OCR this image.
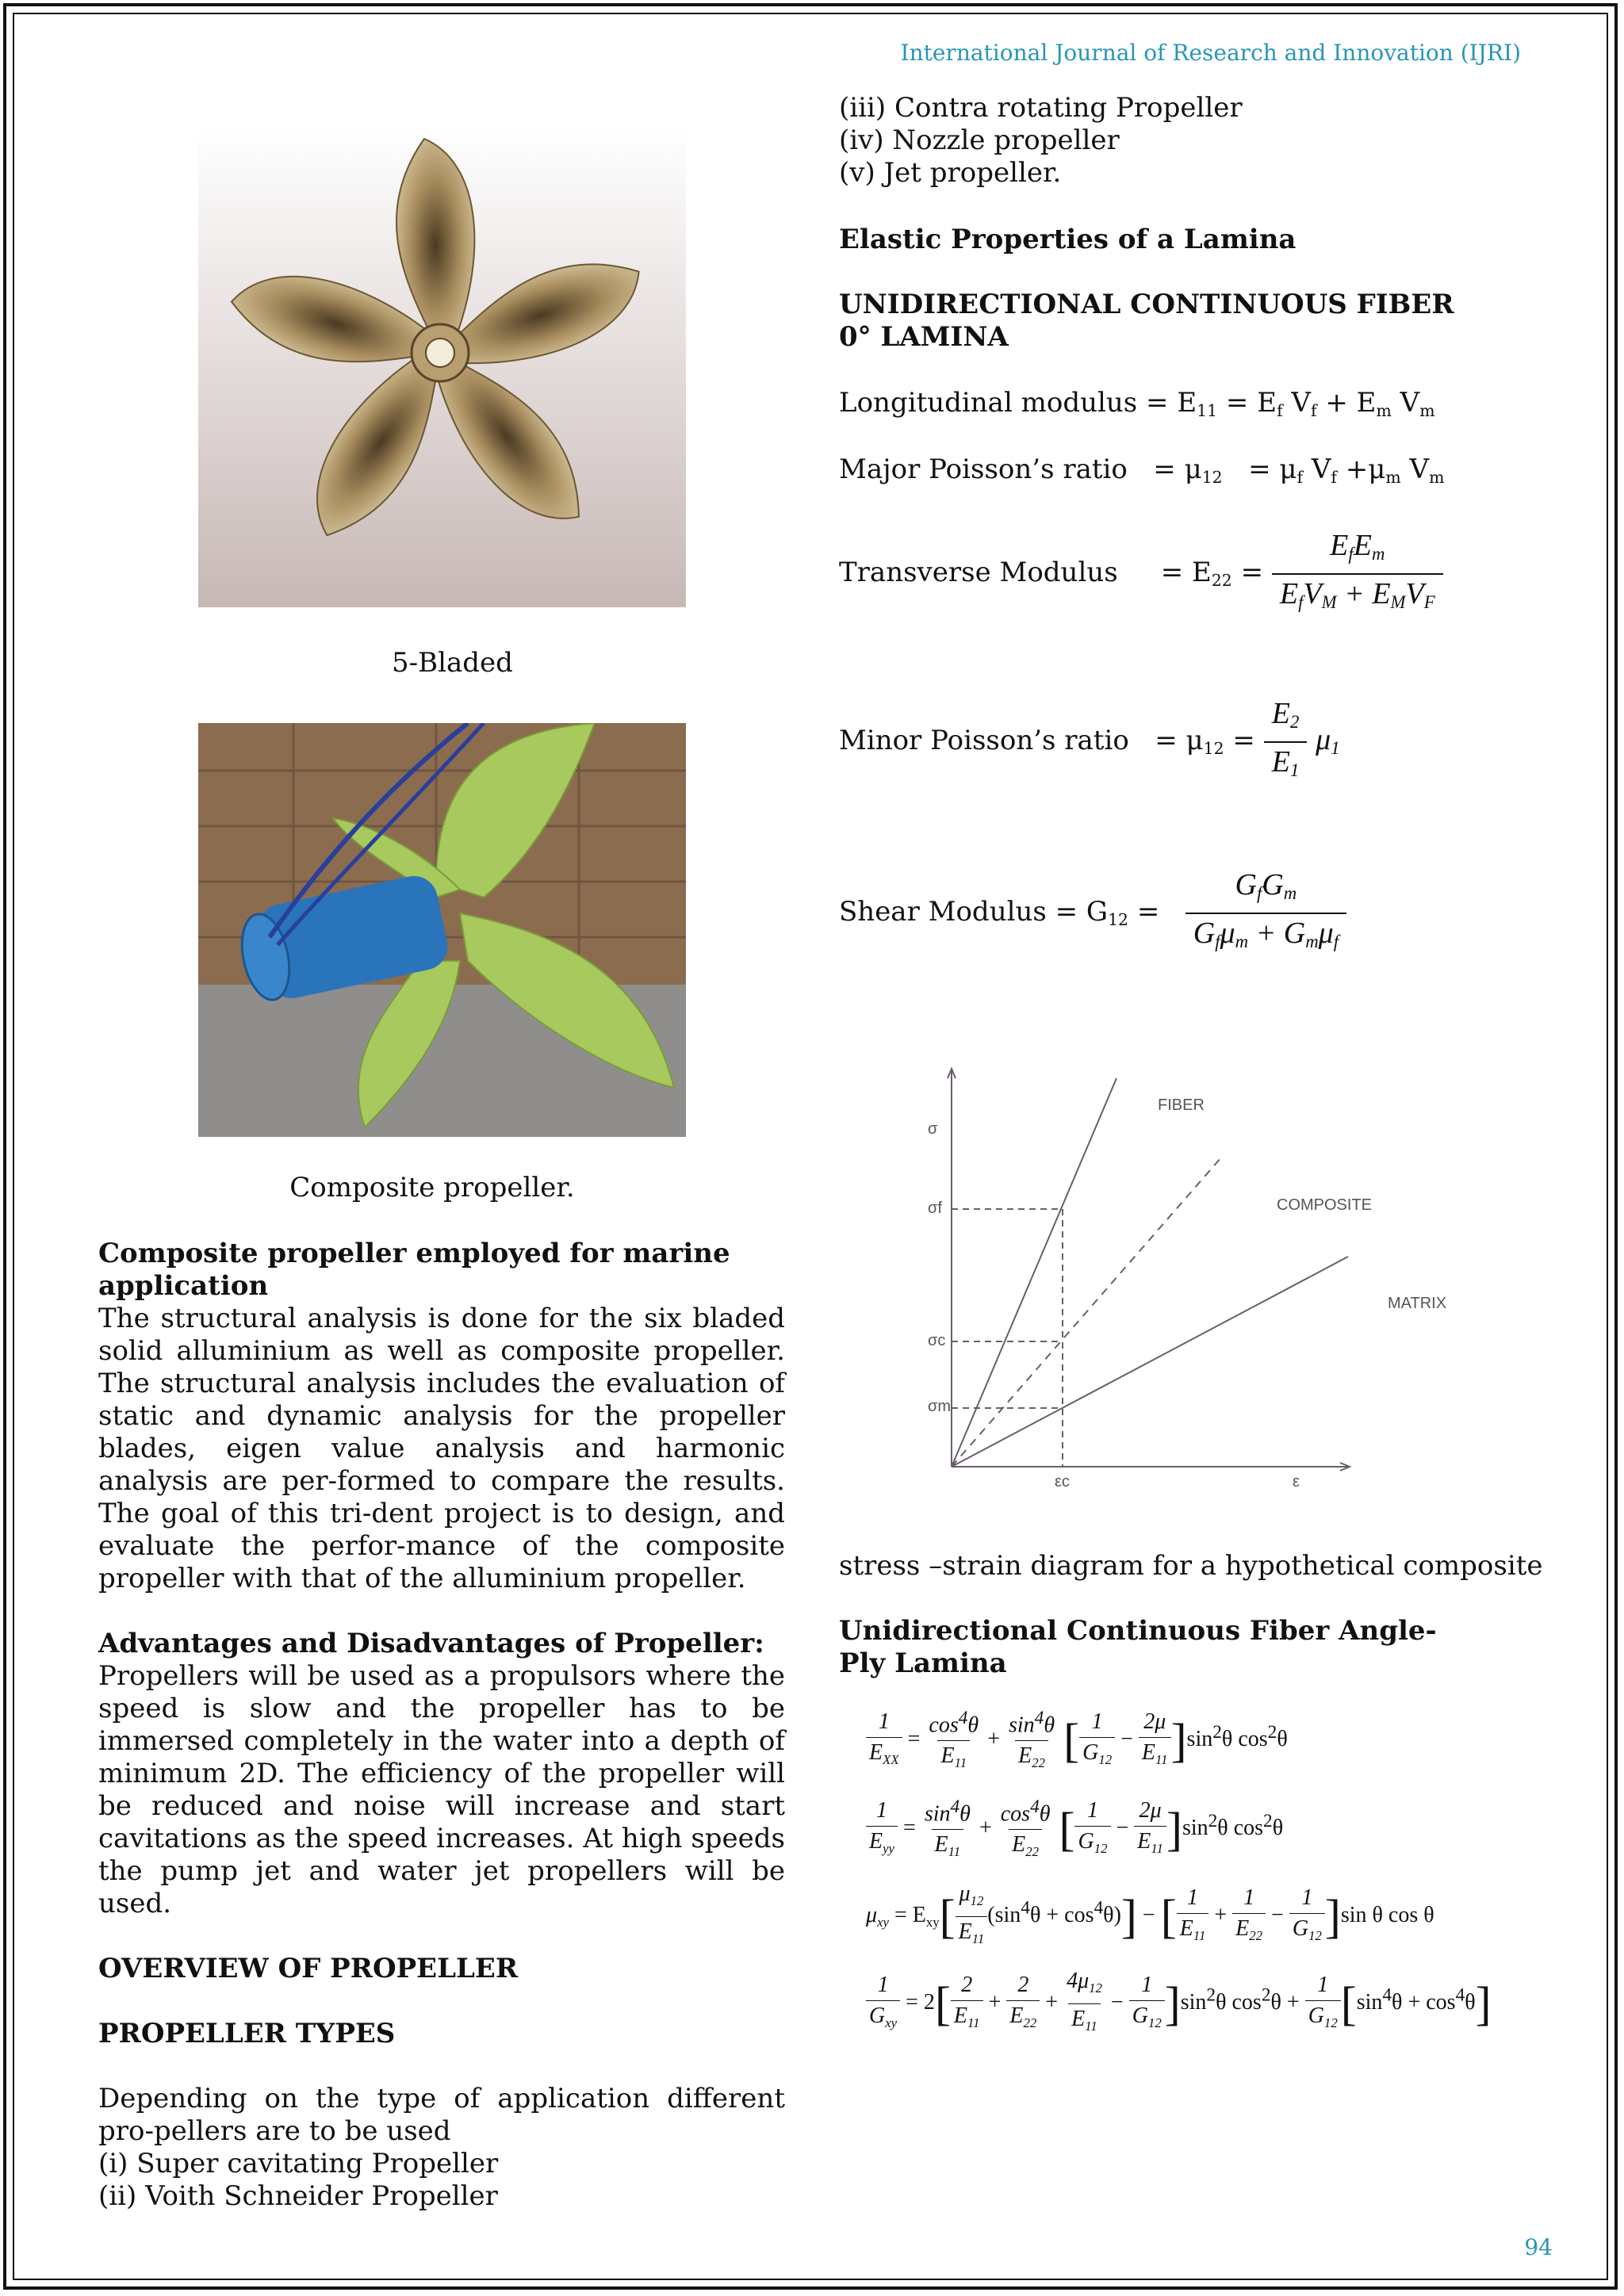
International Journal of Research and Innovation (IJRI)
5-Bladed
Composite propeller.
Composite propeller employed for marine application
The structural analysis is done for the six bladed solid alluminium as well as composite propeller. The structural analysis includes the evaluation of static and dynamic analysis for the propeller blades, eigen value analysis and harmonic analysis are per-formed to compare the results. The goal of this tri-dent project is to design, and evaluate the perfor-mance of the composite propeller with that of the alluminium propeller.
Advantages and Disadvantages of Propeller:
Propellers will be used as a propulsors where the speed is slow and the propeller has to be immersed completely in the water into a depth of minimum 2D. The efficiency of the propeller will be reduced and noise will increase and start cavitations as the speed increases. At high speeds the pump jet and water jet propellers will be used.
OVERVIEW OF PROPELLER
PROPELLER TYPES
Depending on the type of application different pro-pellers are to be used
(i) Super cavitating Propeller
(ii) Voith Schneider Propeller
(iii) Contra rotating Propeller
(iv) Nozzle propeller
(v) Jet propeller.
Elastic Properties of a Lamina
UNIDIRECTIONAL CONTINUOUS FIBER 0° LAMINA
Longitudinal modulus = $E_{11} = E_f$ $V_f + E_m$ $V_m$
Major Poisson’s ratio   = $\mu_{12} = \mu_f$ $V_f +\mu_m$ $V_m$
Transverse Modulus     = $E_{22} = \frac{E_fE_m}{E_fV_M + E_MV_F}$
Minor Poisson’s ratio   = $\mu_{12} = \frac{E_2}{E_1} \mu_1$
Shear Modulus = $G_{12} = \frac{G_fG_m}{G_f\mu_m + G_m\mu_f}$
σ
σf
σc
σm
εc	ε
FIBER
COMPOSITE
MATRIX
stress –strain diagram for a hypothetical composite
Unidirectional Continuous Fiber Angle-Ply Lamina
$\frac{1}{E_{XX}} = \frac{\cos^4\theta}{E_{11}} + \frac{\sin^4\theta}{E_{22}}$ [ $\frac{1}{G_{12}} - \frac{2\mu}{E_{11}} ]\sin^2\theta$ $\cos^2\theta$
$\frac{1}{E_{yy}} = \frac{\sin^4\theta}{E_{11}} + \frac{\cos^4\theta}{E_{22}}$ [ $\frac{1}{G_{12}} - \frac{2\mu}{E_{11}} ]\sin^2\theta$ $\cos^2\theta$
$\mu_{xy} = E_{xy}[ \frac{\mu_{12}}{E_{11}} (\sin^4\theta + \cos^4\theta)]$ − [ $\frac{1}{E_{11}} + \frac{1}{E_{22}} - \frac{1}{G_{12}} ]\sin$ θ cos θ
$\frac{1}{G_{xy}} = 2[ \frac{2}{E_{11}} + \frac{2}{E_{22}} + \frac{4\mu_{12}}{E_{11}} - \frac{1}{G_{12}} ]\sin^2\theta$ $\cos^2\theta + \frac{1}{G_{12}} [\sin^4\theta + \cos^4\theta]$
94
